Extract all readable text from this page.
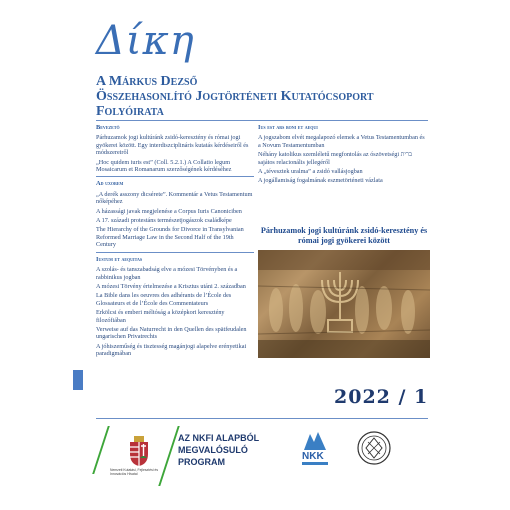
Δίκη
A Márkus Dezső
Összehasonlító Jogtörténeti Kutatócsoport
Folyóirata
Bevezető
Párhuzamok jogi kultúránk zsidó-keresztény és római jogi gyökerei között. Egy interdiszciplináris kutatás kérdéseiről és módszereiről
„Hoc quidem iuris est” (Coll. 5.2.1.) A Collatio legum Mosaicarum et Romanarum szerzőségének kérdéséhez
Ad uxorem
„A derék asszony dicsérete”. Kommentár a Vetus Testamentum nőképéhez
A házassági javak megjelenése a Corpus Iuris Canoniciben
A 17. századi protestáns természetjogászok családképe
The Hierarchy of the Grounds for Divorce in Transylvanian Reformed Marriage Law in the Second Half of the 19th Century
Iustum et aequitas
A szolás- és tanszabadság elve a mózesi Törvényben és a rabbinikus jogban
A mózesi Törvény értelmezése a Krisztus utáni 2. században
La Bible dans les oeuvres des adhérants de l’École des Glossateurs et de l’École des Commentateurs
Erkölcsi és emberi méltóság a középkori keresztény filozófiában
Verweise auf das Naturrecht in den Quellen des spätfeudalen ungarischen Privatrechts
A jóhiszeműség és tisztesség magánjogi alapelve erényetikai paradigmában
Ius est ars boni et aequi
A jogszabom elvét megalapozó elemek a Vetus Testamentumban és a Novum Testamentumban
Néhány katolikus szemléletű megfontolás az ószövetségi ברית sajátos relacionális jellegéről
A „tévesztek uralma” a zsidó vallásjogban
A jogállamiság fogalmának eszmetörténeti vázlata
Párhuzamok jogi kultúránk zsidó-keresztény és római jogi gyökerei között
2022 / 1
Nemzeti Kutatási, Fejlesztési és Innovációs Hivatal
AZ NKFI ALAPBÓL
MEGVALÓSULÓ
PROGRAM	NKK
